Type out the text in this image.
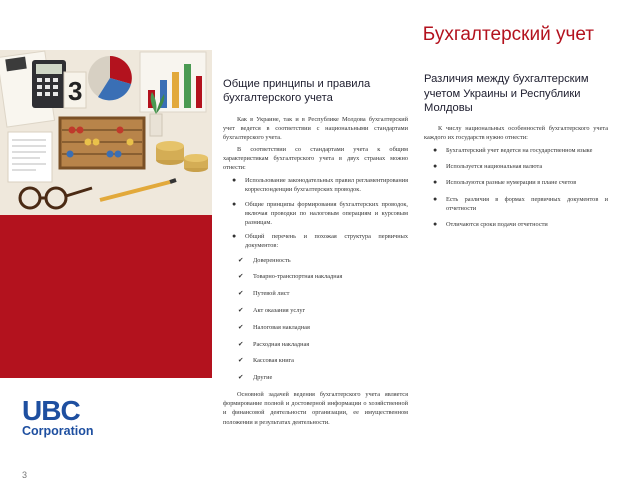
Бухгалтерский учет
3
UBC
Corporation
3
Общие принципы и правила бухгалтерского учета

Как в Украине, так и в Республике Молдова бухгалтерский учет ведется в соответствии с национальными стандартами бухгалтерского учета.

В соответствии со стандартами учета к общим характеристикам бухгалтерского учета в двух странах можно отнести:

● Использование законодательных правил регламентирования корреспонденции бухгалтерских проводок.
● Общие принципы формирования бухгалтерских проводок, включая проводки по налоговым операциям и курсовым разницам.
● Общий перечень и похожая структура первичных документов:
✔ Доверенность
✔ Товарно-транспортная накладная
✔ Путевой лист
✔ Акт оказания услуг
✔ Налоговая накладная
✔ Расходная накладная
✔ Кассовая книга
✔ Другие

Основной задачей ведения бухгалтерского учета является формирование полной и достоверной информации о хозяйственной и финансовой деятельности организации, ее имущественном положении и результатах деятельности.

Различия между бухгалтерским учетом Украины и Республики Молдовы

К числу национальных особенностей бухгалтерского учета каждого их государств нужно отнести:

● Бухгалтерский учет ведется на государственном языке
● Используется национальная валюта
● Используются разные нумерации в плане счетов
● Есть различия в формах первичных документов и отчетности
● Отличаются сроки подачи отчетности
